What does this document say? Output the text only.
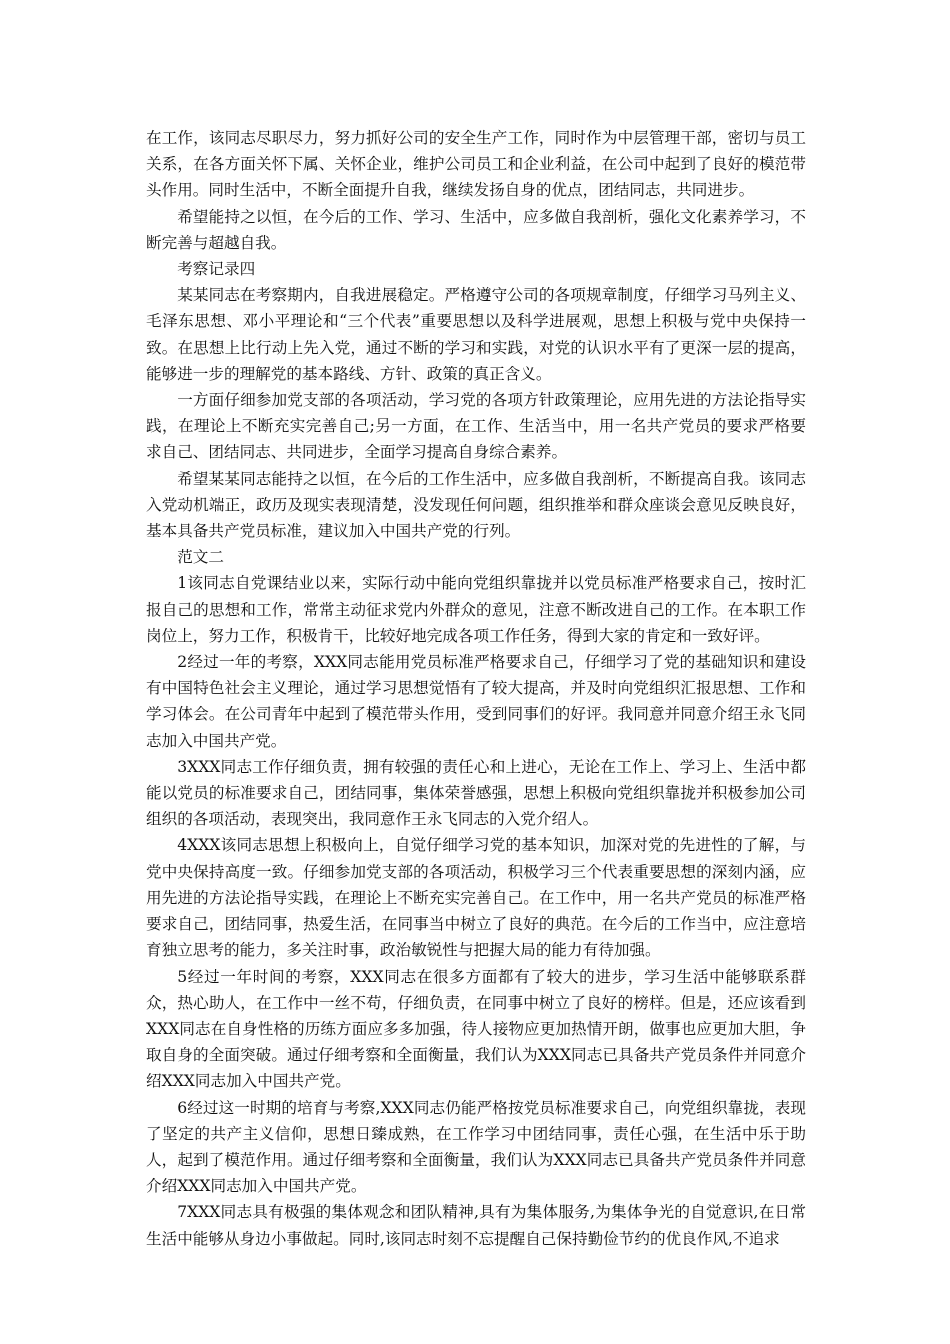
在工作，该同志尽职尽力，努力抓好公司的安全生产工作，同时作为中层管理干部，密切与员工关系，在各方面关怀下属、关怀企业，维护公司员工和企业利益，在公司中起到了良好的模范带头作用。同时生活中，不断全面提升自我，继续发扬自身的优点，团结同志，共同进步。

希望能持之以恒，在今后的工作、学习、生活中，应多做自我剖析，强化文化素养学习，不断完善与超越自我。

考察记录四

某某同志在考察期内，自我进展稳定。严格遵守公司的各项规章制度，仔细学习马列主义、毛泽东思想、邓小平理论和“三个代表”重要思想以及科学进展观，思想上积极与党中央保持一致。在思想上比行动上先入党，通过不断的学习和实践，对党的认识水平有了更深一层的提高，能够进一步的理解党的基本路线、方针、政策的真正含义。

一方面仔细参加党支部的各项活动，学习党的各项方针政策理论，应用先进的方法论指导实践，在理论上不断充实完善自己;另一方面，在工作、生活当中，用一名共产党员的要求严格要求自己、团结同志、共同进步，全面学习提高自身综合素养。

希望某某同志能持之以恒，在今后的工作生活中，应多做自我剖析，不断提高自我。该同志入党动机端正，政历及现实表现清楚，没发现任何问题，组织推举和群众座谈会意见反映良好，基本具备共产党员标准，建议加入中国共产党的行列。

范文二

1该同志自党课结业以来，实际行动中能向党组织靠拢并以党员标准严格要求自己，按时汇报自己的思想和工作，常常主动征求党内外群众的意见，注意不断改进自己的工作。在本职工作岗位上，努力工作，积极肯干，比较好地完成各项工作任务，得到大家的肯定和一致好评。

2经过一年的考察，XXX同志能用党员标准严格要求自己，仔细学习了党的基础知识和建设有中国特色社会主义理论，通过学习思想觉悟有了较大提高，并及时向党组织汇报思想、工作和学习体会。在公司青年中起到了模范带头作用，受到同事们的好评。我同意并同意介绍王永飞同志加入中国共产党。

3XXX同志工作仔细负责，拥有较强的责任心和上进心，无论在工作上、学习上、生活中都能以党员的标准要求自己，团结同事，集体荣誉感强，思想上积极向党组织靠拢并积极参加公司组织的各项活动，表现突出，我同意作王永飞同志的入党介绍人。

4XXX该同志思想上积极向上，自觉仔细学习党的基本知识，加深对党的先进性的了解，与党中央保持高度一致。仔细参加党支部的各项活动，积极学习三个代表重要思想的深刻内涵，应用先进的方法论指导实践，在理论上不断充实完善自己。在工作中，用一名共产党员的标准严格要求自己，团结同事，热爱生活，在同事当中树立了良好的典范。在今后的工作当中，应注意培育独立思考的能力，多关注时事，政治敏锐性与把握大局的能力有待加强。

5经过一年时间的考察，XXX同志在很多方面都有了较大的进步，学习生活中能够联系群众，热心助人，在工作中一丝不苟，仔细负责，在同事中树立了良好的榜样。但是，还应该看到XXX同志在自身性格的历练方面应多多加强，待人接物应更加热情开朗，做事也应更加大胆，争取自身的全面突破。通过仔细考察和全面衡量，我们认为XXX同志已具备共产党员条件并同意介绍XXX同志加入中国共产党。

6经过这一时期的培育与考察,XXX同志仍能严格按党员标准要求自己，向党组织靠拢，表现了坚定的共产主义信仰，思想日臻成熟，在工作学习中团结同事，责任心强，在生活中乐于助人，起到了模范作用。通过仔细考察和全面衡量，我们认为XXX同志已具备共产党员条件并同意介绍XXX同志加入中国共产党。

7XXX同志具有极强的集体观念和团队精神,具有为集体服务,为集体争光的自觉意识,在日常生活中能够从身边小事做起。同时,该同志时刻不忘提醒自己保持勤俭节约的优良作风,不追求
